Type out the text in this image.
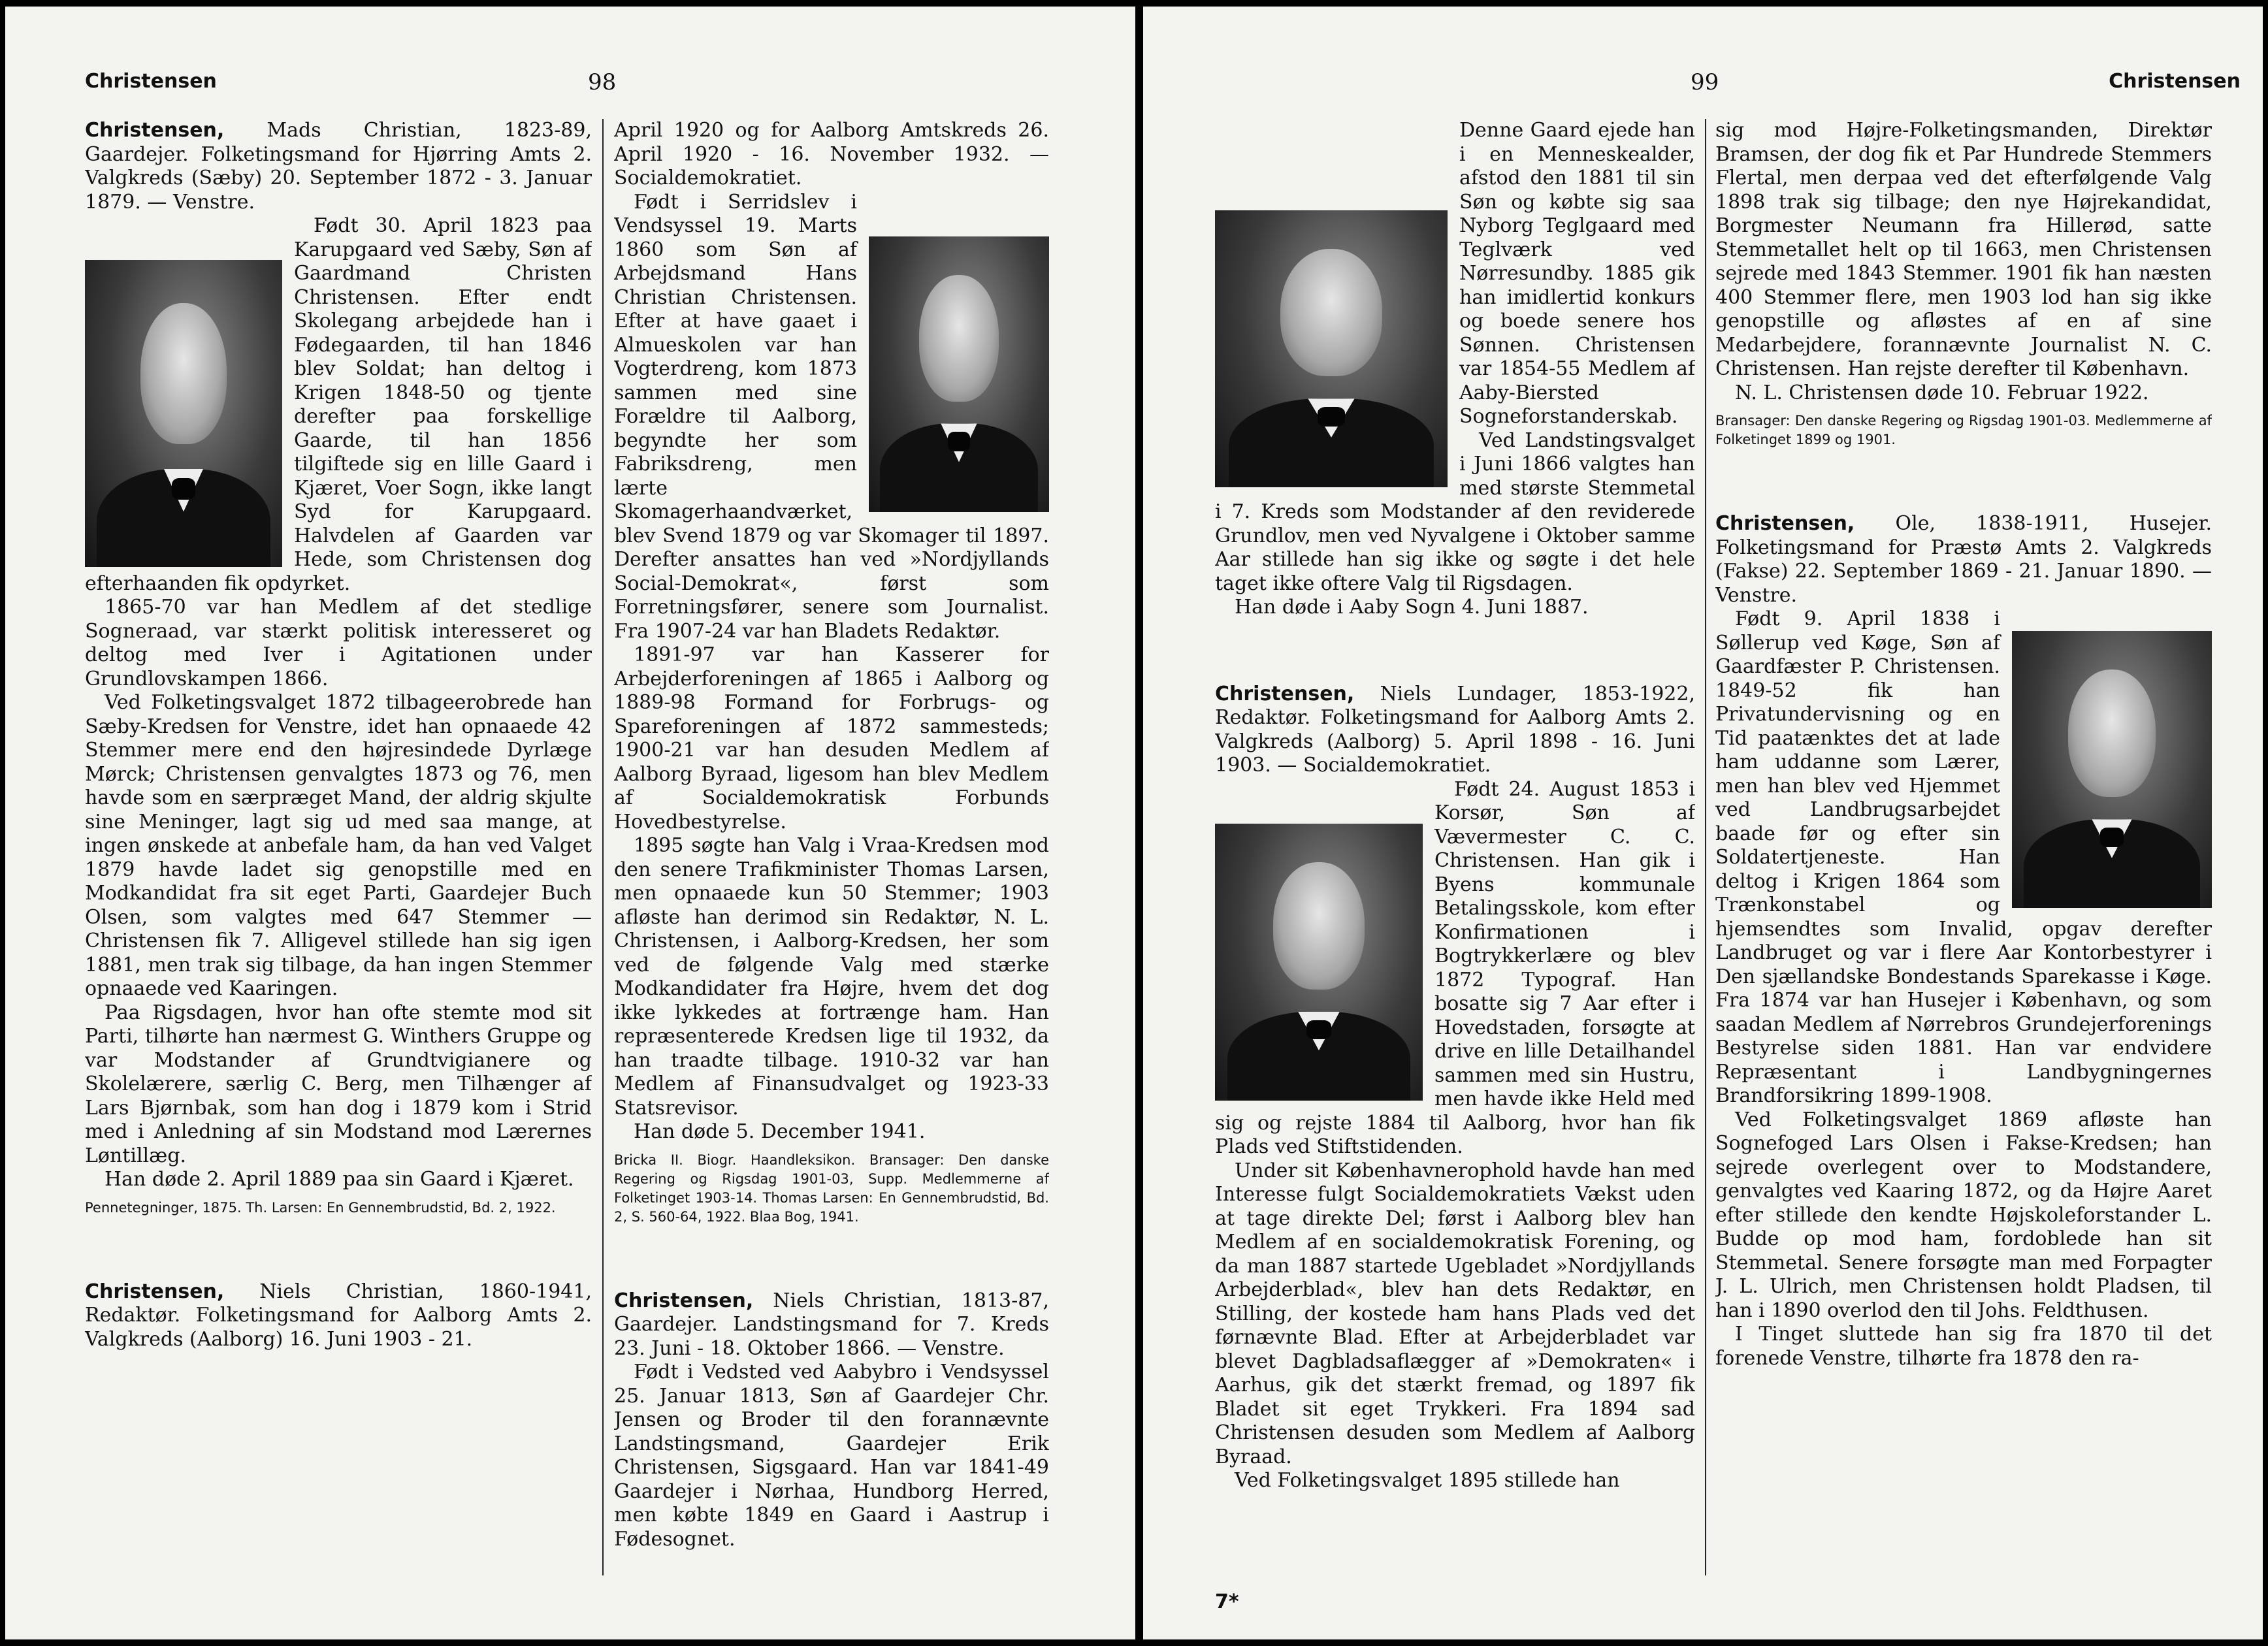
Christensen	98

Christensen, Mads Christian, 1823-89, Gaardejer. Folketingsmand for Hjørring Amts 2. Valgkreds (Sæby) 20. September 1872 - 3. Januar 1879. — Venstre.

Født 30. April 1823 paa Karupgaard ved Sæby, Søn af Gaardmand Christen Christensen. Efter endt Skolegang arbejdede han i Fødegaarden, til han 1846 blev Soldat; han deltog i Krigen 1848-50 og tjente derefter paa forskellige Gaarde, til han 1856 tilgiftede sig en lille Gaard i Kjæret, Voer Sogn, ikke langt Syd for Karupgaard. Halvdelen af Gaarden var Hede, som Christensen dog efterhaanden fik opdyrket.

1865-70 var han Medlem af det stedlige Sogneraad, var stærkt politisk interesseret og deltog med Iver i Agitationen under Grundlovskampen 1866.

Ved Folketingsvalget 1872 tilbageerobrede han Sæby-Kredsen for Venstre, idet han opnaaede 42 Stemmer mere end den højresindede Dyrlæge Mørck; Christensen genvalgtes 1873 og 76, men havde som en særpræget Mand, der aldrig skjulte sine Meninger, lagt sig ud med saa mange, at ingen ønskede at anbefale ham, da han ved Valget 1879 havde ladet sig genopstille med en Modkandidat fra sit eget Parti, Gaardejer Buch Olsen, som valgtes med 647 Stemmer — Christensen fik 7. Alligevel stillede han sig igen 1881, men trak sig tilbage, da han ingen Stemmer opnaaede ved Kaaringen.

Paa Rigsdagen, hvor han ofte stemte mod sit Parti, tilhørte han nærmest G. Winthers Gruppe og var Modstander af Grundtvigianere og Skolelærere, særlig C. Berg, men Tilhænger af Lars Bjørnbak, som han dog i 1879 kom i Strid med i Anledning af sin Modstand mod Lærernes Løntillæg.

Han døde 2. April 1889 paa sin Gaard i Kjæret.

Pennetegninger, 1875. Th. Larsen: En Gennembrudstid, Bd. 2, 1922.

Christensen, Niels Christian, 1860-1941, Redaktør. Folketingsmand for Aalborg Amts 2. Valgkreds (Aalborg) 16. Juni 1903 - 21.

April 1920 og for Aalborg Amtskreds 26. April 1920 - 16. November 1932. — Socialdemokratiet.

Født i Serridslev i Vendsyssel 19. Marts 1860 som Søn af Arbejdsmand Hans Christian Christensen. Efter at have gaaet i Almueskolen var han Vogterdreng, kom 1873 sammen med sine Forældre til Aalborg, begyndte her som Fabriksdreng, men lærte Skomagerhaandværket, blev Svend 1879 og var Skomager til 1897. Derefter ansattes han ved »Nordjyllands Social-Demokrat«, først som Forretningsfører, senere som Journalist. Fra 1907-24 var han Bladets Redaktør.

1891-97 var han Kasserer for Arbejderforeningen af 1865 i Aalborg og 1889-98 Formand for Forbrugs- og Spareforeningen af 1872 sammesteds; 1900-21 var han desuden Medlem af Aalborg Byraad, ligesom han blev Medlem af Socialdemokratisk Forbunds Hovedbestyrelse.

1895 søgte han Valg i Vraa-Kredsen mod den senere Trafikminister Thomas Larsen, men opnaaede kun 50 Stemmer; 1903 afløste han derimod sin Redaktør, N. L. Christensen, i Aalborg-Kredsen, her som ved de følgende Valg med stærke Modkandidater fra Højre, hvem det dog ikke lykkedes at fortrænge ham. Han repræsenterede Kredsen lige til 1932, da han traadte tilbage. 1910-32 var han Medlem af Finansudvalget og 1923-33 Statsrevisor.

Han døde 5. December 1941.

Bricka II. Biogr. Haandleksikon. Bransager: Den danske Regering og Rigsdag 1901-03, Supp. Medlemmerne af Folketinget 1903-14. Thomas Larsen: En Gennembrudstid, Bd. 2, S. 560-64, 1922. Blaa Bog, 1941.

Christensen, Niels Christian, 1813-87, Gaardejer. Landstingsmand for 7. Kreds 23. Juni - 18. Oktober 1866. — Venstre.

Født i Vedsted ved Aabybro i Vendsyssel 25. Januar 1813, Søn af Gaardejer Chr. Jensen og Broder til den forannævnte Landstingsmand, Gaardejer Erik Christensen, Sigsgaard. Han var 1841-49 Gaardejer i Nørhaa, Hundborg Herred, men købte 1849 en Gaard i Aastrup i Fødesognet.

99	Christensen

Denne Gaard ejede han i en Menneskealder, afstod den 1881 til sin Søn og købte sig saa Nyborg Teglgaard med Teglværk ved Nørresundby. 1885 gik han imidlertid konkurs og boede senere hos Sønnen. Christensen var 1854-55 Medlem af Aaby-Biersted Sogneforstanderskab.

Ved Landstingsvalget i Juni 1866 valgtes han med største Stemmetal i 7. Kreds som Modstander af den reviderede Grundlov, men ved Nyvalgene i Oktober samme Aar stillede han sig ikke og søgte i det hele taget ikke oftere Valg til Rigsdagen.

Han døde i Aaby Sogn 4. Juni 1887.

Christensen, Niels Lundager, 1853-1922, Redaktør. Folketingsmand for Aalborg Amts 2. Valgkreds (Aalborg) 5. April 1898 - 16. Juni 1903. — Socialdemokratiet.

Født 24. August 1853 i Korsør, Søn af Vævermester C. C. Christensen. Han gik i Byens kommunale Betalingsskole, kom efter Konfirmationen i Bogtrykkerlære og blev 1872 Typograf. Han bosatte sig 7 Aar efter i Hovedstaden, forsøgte at drive en lille Detailhandel sammen med sin Hustru, men havde ikke Held med sig og rejste 1884 til Aalborg, hvor han fik Plads ved Stiftstidenden.

Under sit Københavnerophold havde han med Interesse fulgt Socialdemokratiets Vækst uden at tage direkte Del; først i Aalborg blev han Medlem af en socialdemokratisk Forening, og da man 1887 startede Ugebladet »Nordjyllands Arbejderblad«, blev han dets Redaktør, en Stilling, der kostede ham hans Plads ved det førnævnte Blad. Efter at Arbejderbladet var blevet Dagbladsaflægger af »Demokraten« i Aarhus, gik det stærkt fremad, og 1897 fik Bladet sit eget Trykkeri. Fra 1894 sad Christensen desuden som Medlem af Aalborg Byraad.

Ved Folketingsvalget 1895 stillede han

sig mod Højre-Folketingsmanden, Direktør Bramsen, der dog fik et Par Hundrede Stemmers Flertal, men derpaa ved det efterfølgende Valg 1898 trak sig tilbage; den nye Højrekandidat, Borgmester Neumann fra Hillerød, satte Stemmetallet helt op til 1663, men Christensen sejrede med 1843 Stemmer. 1901 fik han næsten 400 Stemmer flere, men 1903 lod han sig ikke genopstille og afløstes af en af sine Medarbejdere, forannævnte Journalist N. C. Christensen. Han rejste derefter til København.

N. L. Christensen døde 10. Februar 1922.

Bransager: Den danske Regering og Rigsdag 1901-03. Medlemmerne af Folketinget 1899 og 1901.

Christensen, Ole, 1838-1911, Husejer. Folketingsmand for Præstø Amts 2. Valgkreds (Fakse) 22. September 1869 - 21. Januar 1890. — Venstre.

Født 9. April 1838 i Søllerup ved Køge, Søn af Gaardfæster P. Christensen. 1849-52 fik han Privatundervisning og en Tid paatænktes det at lade ham uddanne som Lærer, men han blev ved Hjemmet ved Landbrugsarbejdet baade før og efter sin Soldatertjeneste. Han deltog i Krigen 1864 som Trænkonstabel og hjemsendtes som Invalid, opgav derefter Landbruget og var i flere Aar Kontorbestyrer i Den sjællandske Bondestands Sparekasse i Køge. Fra 1874 var han Husejer i København, og som saadan Medlem af Nørrebros Grundejerforenings Bestyrelse siden 1881. Han var endvidere Repræsentant i Landbygningernes Brandforsikring 1899-1908.

Ved Folketingsvalget 1869 afløste han Sognefoged Lars Olsen i Fakse-Kredsen; han sejrede overlegent over to Modstandere, genvalgtes ved Kaaring 1872, og da Højre Aaret efter stillede den kendte Højskoleforstander L. Budde op mod ham, fordoblede han sit Stemmetal. Senere forsøgte man med Forpagter J. L. Ulrich, men Christensen holdt Pladsen, til han i 1890 overlod den til Johs. Feldthusen.

I Tinget sluttede han sig fra 1870 til det forenede Venstre, tilhørte fra 1878 den ra-

7*
